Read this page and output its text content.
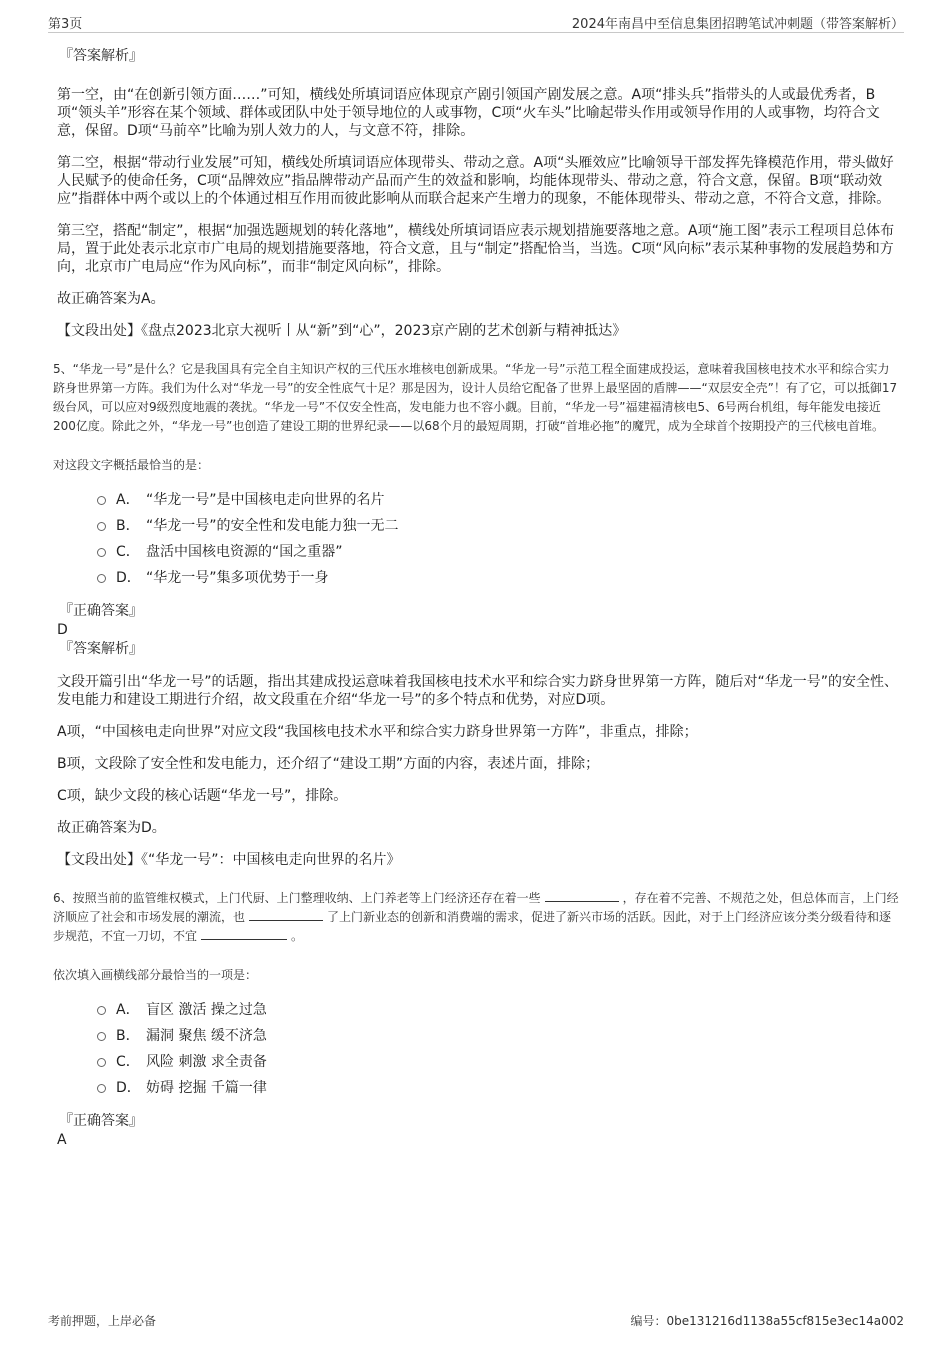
第3页	2024年南昌中至信息集团招聘笔试冲刺题（带答案解析）
『答案解析』

第一空，由“在创新引领方面……”可知，横线处所填词语应体现京产剧引领国产剧发展之意。A项“排头兵”指带头的人或最优秀者，B项“领头羊”形容在某个领域、群体或团队中处于领导地位的人或事物，C项“火车头”比喻起带头作用或领导作用的人或事物，均符合文意，保留。D项“马前卒”比喻为别人效力的人，与文意不符，排除。

第二空，根据“带动行业发展”可知，横线处所填词语应体现带头、带动之意。A项“头雁效应”比喻领导干部发挥先锋模范作用，带头做好人民赋予的使命任务，C项“品牌效应”指品牌带动产品而产生的效益和影响，均能体现带头、带动之意，符合文意，保留。B项“联动效应”指群体中两个或以上的个体通过相互作用而彼此影响从而联合起来产生增力的现象，不能体现带头、带动之意，不符合文意，排除。

第三空，搭配“制定”，根据“加强选题规划的转化落地”，横线处所填词语应表示规划措施要落地之意。A项“施工图”表示工程项目总体布局，置于此处表示北京市广电局的规划措施要落地，符合文意，且与“制定”搭配恰当，当选。C项“风向标”表示某种事物的发展趋势和方向，北京市广电局应“作为风向标”，而非“制定风向标”，排除。

故正确答案为A。

【文段出处】《盘点2023北京大视听丨从“新”到“心”，2023京产剧的艺术创新与精神抵达》

5、“华龙一号”是什么？它是我国具有完全自主知识产权的三代压水堆核电创新成果。“华龙一号”示范工程全面建成投运，意味着我国核电技术水平和综合实力跻身世界第一方阵。我们为什么对“华龙一号”的安全性底气十足？那是因为，设计人员给它配备了世界上最坚固的盾牌——“双层安全壳”！有了它，可以抵御17级台风，可以应对9级烈度地震的袭扰。“华龙一号”不仅安全性高，发电能力也不容小觑。目前，“华龙一号”福建福清核电5、6号两台机组，每年能发电接近200亿度。除此之外，“华龙一号”也创造了建设工期的世界纪录——以68个月的最短周期，打破“首堆必拖”的魔咒，成为全球首个按期投产的三代核电首堆。

对这段文字概括最恰当的是：

A． “华龙一号”是中国核电走向世界的名片
B． “华龙一号”的安全性和发电能力独一无二
C． 盘活中国核电资源的“国之重器”
D． “华龙一号”集多项优势于一身
『正确答案』

D

『答案解析』

文段开篇引出“华龙一号”的话题，指出其建成投运意味着我国核电技术水平和综合实力跻身世界第一方阵，随后对“华龙一号”的安全性、发电能力和建设工期进行介绍，故文段重在介绍“华龙一号”的多个特点和优势，对应D项。

A项，“中国核电走向世界”对应文段“我国核电技术水平和综合实力跻身世界第一方阵”，非重点，排除；

B项，文段除了安全性和发电能力，还介绍了“建设工期”方面的内容，表述片面，排除；

C项，缺少文段的核心话题“华龙一号”，排除。

故正确答案为D。

【文段出处】《“华龙一号”：中国核电走向世界的名片》

6、按照当前的监管维权模式，上门代厨、上门整理收纳、上门养老等上门经济还存在着一些	，存在着不完善、不规范之处，但总体而言，上门经济顺应了社会和市场发展的潮流，也	了上门新业态的创新和消费端的需求，促进了新兴市场的活跃。因此，对于上门经济应该分类分级看待和逐步规范，不宜一刀切，不宜	。

依次填入画横线部分最恰当的一项是：

A． 盲区 激活 操之过急
B． 漏洞 聚焦 缓不济急
C． 风险 刺激 求全责备
D． 妨碍 挖掘 千篇一律
『正确答案』

A

考前押题，上岸必备	编号：0be131216d1138a55cf815e3ec14a002
